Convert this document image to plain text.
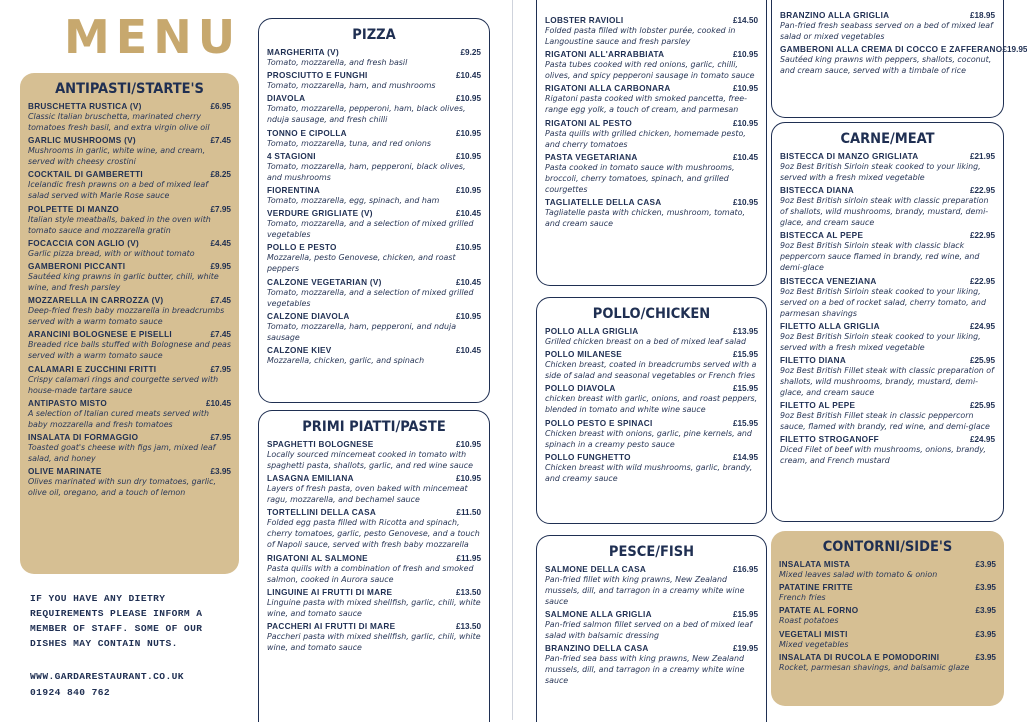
MENU
ANTIPASTI/STARTE'S
BRUSCHETTA RUSTICA (V)	£6.95
Classic Italian bruschetta, marinated cherry tomatoes fresh basil, and extra virgin olive oil
GARLIC MUSHROOMS (V)	£7.45
Mushrooms in garlic, white wine, and cream, served with cheesy crostini
COCKTAIL DI GAMBERETTI	£8.25
Icelandic fresh prawns on a bed of mixed leaf salad served with Marie Rose sauce
POLPETTE DI MANZO	£7.95
Italian style meatballs, baked in the oven with tomato sauce and mozzarella gratin
FOCACCIA CON AGLIO (V)	£4.45
Garlic pizza bread, with or without tomato
GAMBERONI PICCANTI	£9.95
Sautéed king prawns in garlic butter, chili, white wine, and fresh parsley
MOZZARELLA IN CARROZZA (V)	£7.45
Deep-fried fresh baby mozzarella in breadcrumbs served with a warm tomato sauce
ARANCINI BOLOGNESE E PISELLI	£7.45
Breaded rice balls stuffed with Bolognese and peas served with a warm tomato sauce
CALAMARI E ZUCCHINI FRITTI	£7.95
Crispy calamari rings and courgette served with house-made tartare sauce
ANTIPASTO MISTO	£10.45
A selection of Italian cured meats served with baby mozzarella and fresh tomatoes
INSALATA DI FORMAGGIO	£7.95
Toasted goat's cheese with figs jam, mixed leaf salad, and honey
OLIVE MARINATE	£3.95
Olives marinated with sun dry tomatoes, garlic, olive oil, oregano, and a touch of lemon
IF YOU HAVE ANY DIETRY REQUIREMENTS PLEASE INFORM A MEMBER OF STAFF. SOME OF OUR DISHES MAY CONTAIN NUTS.
WWW.GARDARESTAURANT.CO.UK
01924 840 762
PIZZA
MARGHERITA (V)	£9.25
Tomato, mozzarella, and fresh basil
PROSCIUTTO E FUNGHI	£10.45
Tomato, mozzarella, ham, and mushrooms
DIAVOLA	£10.95
Tomato, mozzarella, pepperoni, ham, black olives, nduja sausage, and fresh chilli
TONNO E CIPOLLA	£10.95
Tomato, mozzarella, tuna, and red onions
4 STAGIONI	£10.95
Tomato, mozzarella, ham, pepperoni, black olives, and mushrooms
FIORENTINA	£10.95
Tomato, mozzarella, egg, spinach, and ham
VERDURE GRIGLIATE (V)	£10.45
Tomato, mozzarella, and a selection of mixed grilled vegetables
POLLO E PESTO	£10.95
Mozzarella, pesto Genovese, chicken, and roast peppers
CALZONE VEGETARIAN (V)	£10.45
Tomato, mozzarella, and a selection of mixed grilled vegetables
CALZONE DIAVOLA	£10.95
Tomato, mozzarella, ham, pepperoni, and nduja sausage
CALZONE KIEV	£10.45
Mozzarella, chicken, garlic, and spinach
PRIMI PIATTI/PASTE
SPAGHETTI BOLOGNESE	£10.95
Locally sourced mincemeat cooked in tomato with spaghetti pasta, shallots, garlic, and red wine sauce
LASAGNA EMILIANA	£10.95
Layers of fresh pasta, oven baked with mincemeat ragu, mozzarella, and bechamel sauce
TORTELLINI DELLA CASA	£11.50
Folded egg pasta filled with Ricotta and spinach, cherry tomatoes, garlic, pesto Genovese, and a touch of Napoli sauce, served with fresh baby mozzarella
RIGATONI AL SALMONE	£11.95
Pasta quills with a combination of fresh and smoked salmon, cooked in Aurora sauce
LINGUINE AI FRUTTI DI MARE	£13.50
Linguine pasta with mixed shellfish, garlic, chili, white wine, and tomato sauce
PACCHERI AI FRUTTI DI MARE	£13.50
Paccheri pasta with mixed shellfish, garlic, chili, white wine, and tomato sauce
LOBSTER RAVIOLI	£14.50
Folded pasta filled with lobster purée, cooked in Langoustine sauce and fresh parsley
RIGATONI ALL'ARRABBIATA	£10.95
Pasta tubes cooked with red onions, garlic, chilli, olives, and spicy pepperoni sausage in tomato sauce
RIGATONI ALLA CARBONARA	£10.95
Rigatoni pasta cooked with smoked pancetta, free-range egg yolk, a touch of cream, and parmesan
RIGATONI AL PESTO	£10.95
Pasta quills with grilled chicken, homemade pesto, and cherry tomatoes
PASTA VEGETARIANA	£10.45
Pasta cooked in tomato sauce with mushrooms, broccoli, cherry tomatoes, spinach, and grilled courgettes
TAGLIATELLE DELLA CASA	£10.95
Tagliatelle pasta with chicken, mushroom, tomato, and cream sauce
POLLO/CHICKEN
POLLO ALLA GRIGLIA	£13.95
Grilled chicken breast on a bed of mixed leaf salad
POLLO MILANESE	£15.95
Chicken breast, coated in breadcrumbs served with a side of salad and seasonal vegetables or French fries
POLLO DIAVOLA	£15.95
chicken breast with garlic, onions, and roast peppers, blended in tomato and white wine sauce
POLLO PESTO E SPINACI	£15.95
Chicken breast with onions, garlic, pine kernels, and spinach in a creamy pesto sauce
POLLO FUNGHETTO	£14.95
Chicken breast with wild mushrooms, garlic, brandy, and creamy sauce
PESCE/FISH
SALMONE DELLA CASA	£16.95
Pan-fried fillet with king prawns, New Zealand mussels, dill, and tarragon in a creamy white wine sauce
SALMONE ALLA GRIGLIA	£15.95
Pan-fried salmon fillet served on a bed of mixed leaf salad with balsamic dressing
BRANZINO DELLA CASA	£19.95
Pan-fried sea bass with king prawns, New Zealand mussels, dill, and tarragon in a creamy white wine sauce
BRANZINO ALLA GRIGLIA	£18.95
Pan-fried fresh seabass served on a bed of mixed leaf salad or mixed vegetables
GAMBERONI ALLA CREMA DI COCCO E ZAFFERANO £19.95
Sautéed king prawns with peppers, shallots, coconut, and cream sauce, served with a timbale of rice
CARNE/MEAT
BISTECCA DI MANZO GRIGLIATA	£21.95
9oz Best British Sirloin steak cooked to your liking, served with a fresh mixed vegetable
BISTECCA DIANA	£22.95
9oz Best British sirloin steak with classic preparation of shallots, wild mushrooms, brandy, mustard, demi-glace, and cream sauce
BISTECCA AL PEPE	£22.95
9oz Best British Sirloin steak with classic black peppercorn sauce flamed in brandy, red wine, and demi-glace
BISTECCA VENEZIANA	£22.95
9oz Best British Sirloin steak cooked to your liking, served on a bed of rocket salad, cherry tomato, and parmesan shavings
FILETTO ALLA GRIGLIA	£24.95
9oz Best British Sirloin steak cooked to your liking, served with a fresh mixed vegetable
FILETTO DIANA	£25.95
9oz Best British Fillet steak with classic preparation of shallots, wild mushrooms, brandy, mustard, demi-glace, and cream sauce
FILETTO AL PEPE	£25.95
9oz Best British Fillet steak in classic peppercorn sauce, flamed with brandy, red wine, and demi-glace
FILETTO STROGANOFF	£24.95
Diced Filet of beef with mushrooms, onions, brandy, cream, and French mustard
CONTORNI/SIDE'S
INSALATA MISTA	£3.95
Mixed leaves salad with tomato & onion
PATATINE FRITTE	£3.95
French fries
PATATE AL FORNO	£3.95
Roast potatoes
VEGETALI MISTI	£3.95
Mixed vegetables
INSALATA DI RUCOLA E POMODORINI	£3.95
Rocket, parmesan shavings, and balsamic glaze
